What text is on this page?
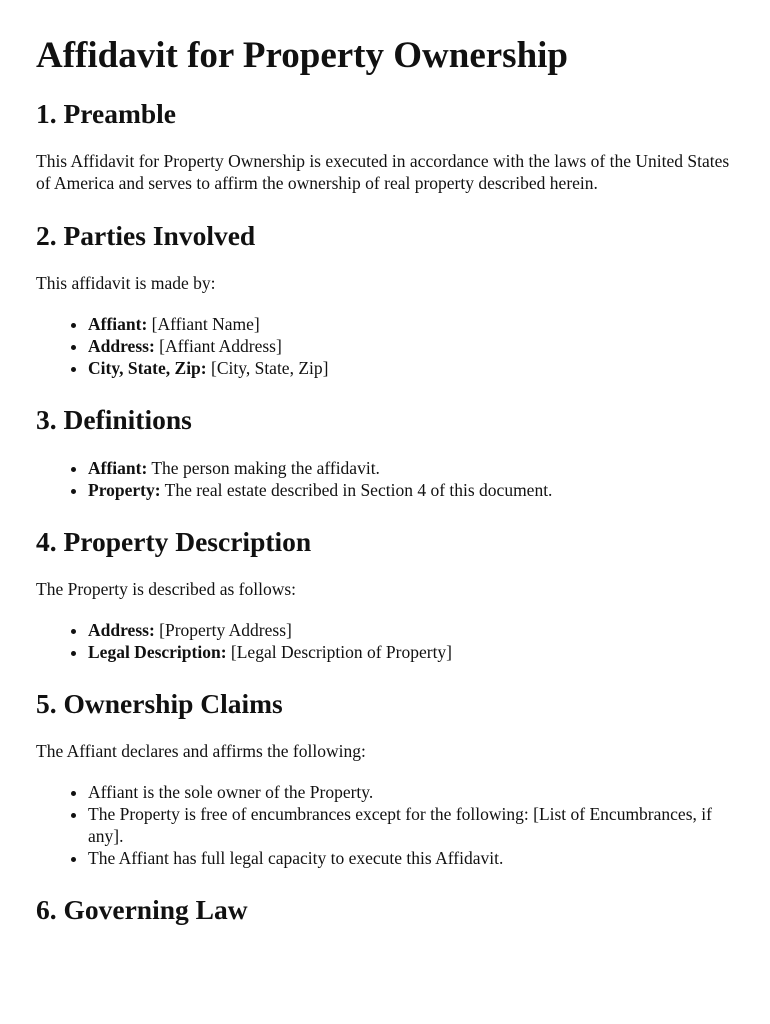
Affidavit for Property Ownership
1. Preamble

This Affidavit for Property Ownership is executed in accordance with the laws of the United States of America and serves to affirm the ownership of real property described herein.

2. Parties Involved

This affidavit is made by:

• Affiant: [Affiant Name]
• Address: [Affiant Address]
• City, State, Zip: [City, State, Zip]
3. Definitions
• Affiant: The person making the affidavit.
• Property: The real estate described in Section 4 of this document.
4. Property Description

The Property is described as follows:

• Address: [Property Address]
• Legal Description: [Legal Description of Property]
5. Ownership Claims

The Affiant declares and affirms the following:

• Affiant is the sole owner of the Property.
• The Property is free of encumbrances except for the following: [List of Encumbrances, if any].
• The Affiant has full legal capacity to execute this Affidavit.
6. Governing Law
